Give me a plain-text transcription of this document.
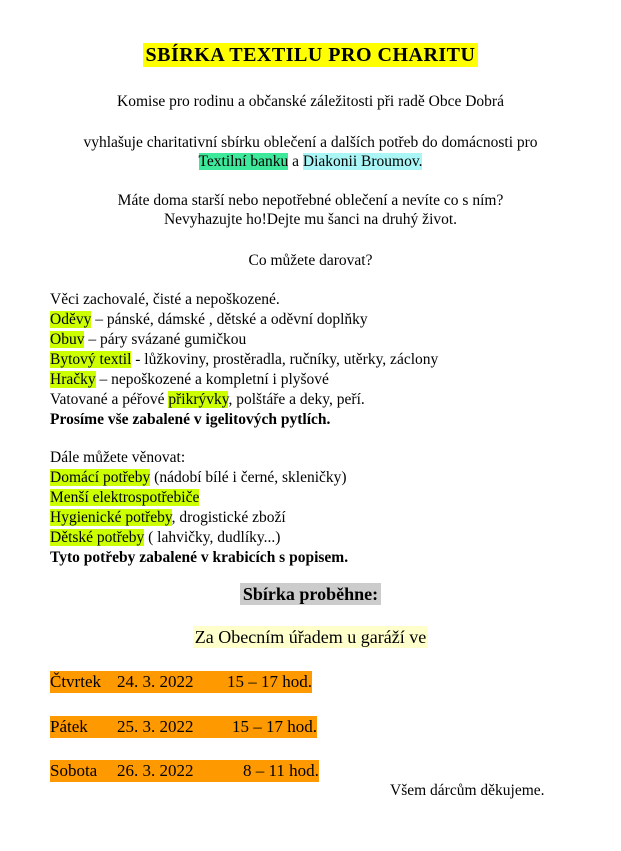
SBÍRKA TEXTILU PRO CHARITU
Komise pro rodinu a občanské záležitosti při radě Obce Dobrá
vyhlašuje charitativní sbírku oblečení a dalších potřeb do domácnosti pro
Textilní banku a Diakonii Broumov.
Máte doma starší nebo nepotřebné oblečení a nevíte co s ním?
Nevyhazujte ho!Dejte mu šanci na druhý život.
Co můžete darovat?
Věci zachovalé, čisté a nepoškozené.
Oděvy – pánské, dámské , dětské a oděvní doplňky
Obuv – páry svázané gumičkou
Bytový textil - lůžkoviny, prostěradla, ručníky, utěrky, záclony
Hračky – nepoškozené a kompletní i plyšové
Vatované a péřové přikrývky, polštáře a deky, peří.
Prosíme vše zabalené v igelitových pytlích.
Dále můžete věnovat:
Domácí potřeby (nádobí bílé i černé, skleničky)
Menší elektrospotřebiče
Hygienické potřeby, drogistické zboží
Dětské potřeby ( lahvičky, dudlíky...)
Tyto potřeby zabalené v krabicích s popisem.
Sbírka proběhne:
Za Obecním úřadem u garáží ve
Čtvrtek 24. 3. 2022 15 – 17 hod.
Pátek 25. 3. 2022 15 – 17 hod.
Sobota 26. 3. 2022	8 – 11 hod.
Všem dárcům děkujeme.
